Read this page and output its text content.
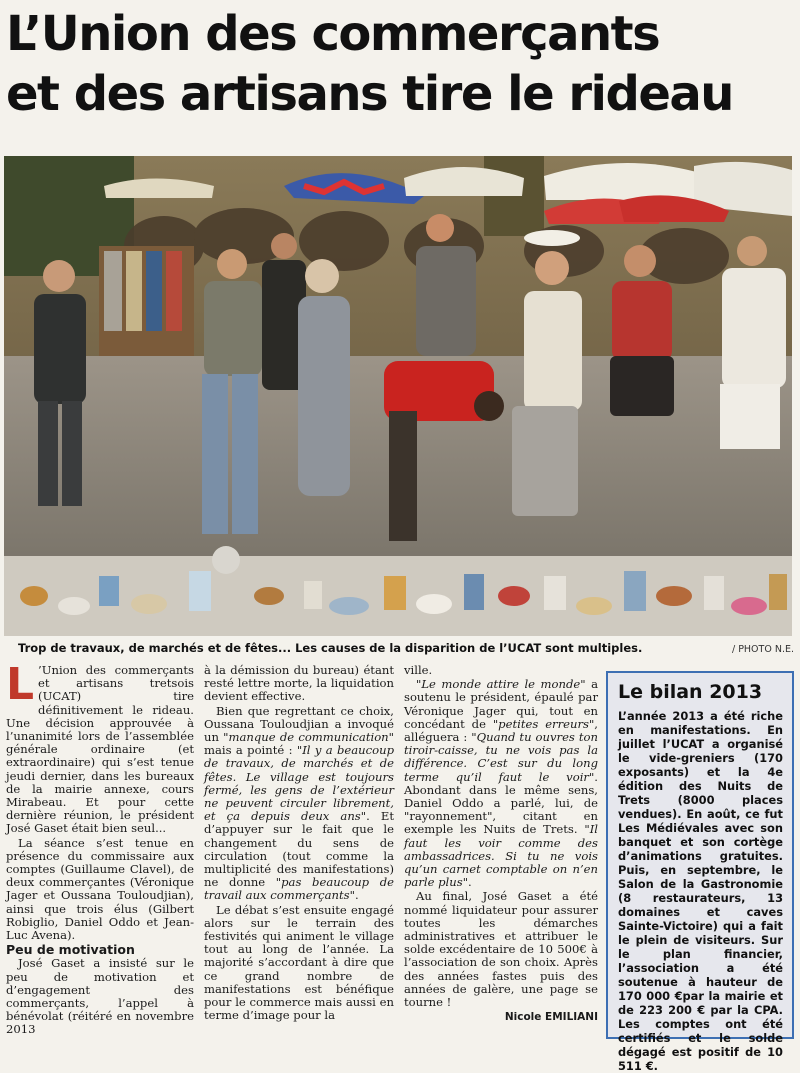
L’Union des commerçants
et des artisans tire le rideau
Trop de travaux, de marchés et de fêtes... Les causes de la disparition de l’UCAT sont multiples.	/ PHOTO N.E.

L ’Union des commerçants et artisans tretsois (UCAT) tire définitivement le rideau. Une décision approuvée à l’unanimité lors de l’assemblée générale ordinaire (et extraordinaire) qui s’est tenue jeudi dernier, dans les bureaux de la mairie annexe, cours Mirabeau. Et pour cette dernière réunion, le président José Gaset était bien seul...

La séance s’est tenue en présence du commissaire aux comptes (Guillaume Clavel), de deux commerçantes (Véronique Jager et Oussana Touloudjian), ainsi que trois élus (Gilbert Robiglio, Daniel Oddo et Jean-Luc Avena).

Peu de motivation

José Gaset a insisté sur le peu de motivation et d’engagement des commerçants, l’appel à bénévolat (réitéré en novembre 2013

à la démission du bureau) étant resté lettre morte, la liquidation devient effective.

Bien que regrettant ce choix, Oussana Touloudjian a invoqué un "manque de communication" mais a pointé : "Il y a beaucoup de travaux, de marchés et de fêtes. Le village est toujours fermé, les gens de l’extérieur ne peuvent circuler librement, et ça depuis deux ans". Et d’appuyer sur le fait que le changement du sens de circulation (tout comme la multiplicité des manifestations) ne donne "pas beaucoup de travail aux commerçants".

Le débat s’est ensuite engagé alors sur le terrain des festivités qui animent le village tout au long de l’année. La majorité s’accordant à dire que ce grand nombre de manifestations est bénéfique pour le commerce mais aussi en terme d’image pour la

ville.

"Le monde attire le monde" a soutenu le président, épaulé par Véronique Jager qui, tout en concédant de "petites erreurs", alléguera : "Quand tu ouvres ton tiroir-caisse, tu ne vois pas la différence. C’est sur du long terme qu’il faut le voir". Abondant dans le même sens, Daniel Oddo a parlé, lui, de "rayonnement", citant en exemple les Nuits de Trets. "Il faut les voir comme des ambassadrices. Si tu ne vois qu’un carnet comptable on n’en parle plus".

Au final, José Gaset a été nommé liquidateur pour assurer toutes les démarches administratives et attribuer le solde excédentaire de 10 500€ à l’association de son choix. Après des années fastes puis des années de galère, une page se tourne !

Nicole EMILIANI
Le bilan 2013
L’année 2013 a été riche en manifestations. En juillet l’UCAT a organisé le vide-greniers (170 exposants) et la 4e édition des Nuits de Trets (8000 places vendues). En août, ce fut Les Médiévales avec son banquet et son cortège d’animations gratuites. Puis, en septembre, le Salon de la Gastronomie (8 restaurateurs, 13 domaines et caves Sainte-Victoire) qui a fait le plein de visiteurs. Sur le plan financier, l’association a été soutenue à hauteur de 170 000 €par la mairie et de 223 200 € par la CPA. Les comptes ont été certifiés et le solde dégagé est positif de 10 511 €.
